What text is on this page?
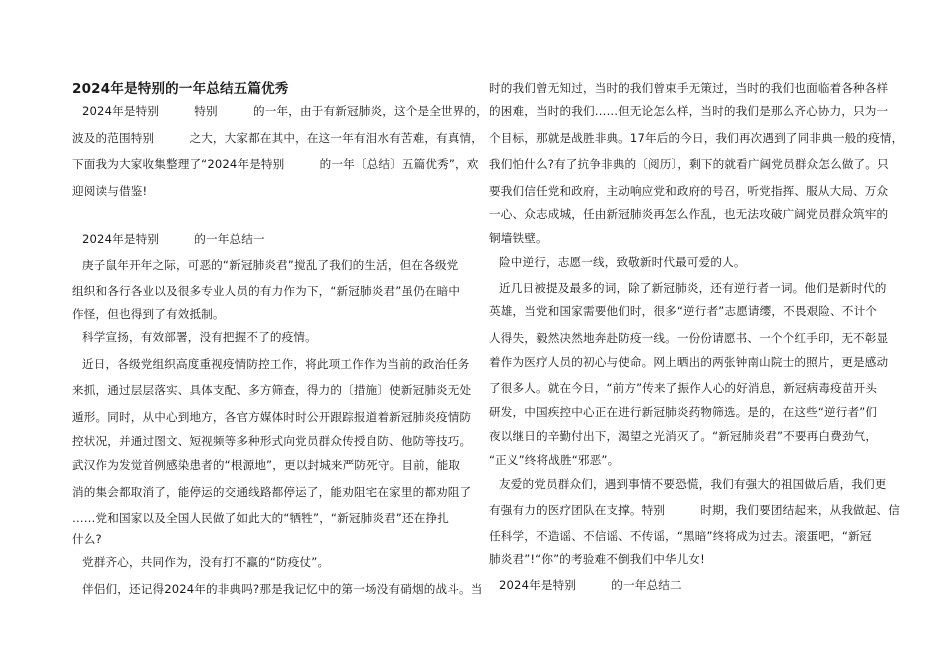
2024年是特别的一年总结五篇优秀
2024年是特别　　　特别　　　的一年，由于有新冠肺炎，这个是全世界的，
波及的范围特别　　　之大，大家都在其中，在这一年有泪水有苦难，有真情，
下面我为大家收集整理了“2024年是特别　　　的一年〔总结〕五篇优秀”，欢
迎阅读与借鉴!
2024年是特别　　　的一年总结一
庚子鼠年开年之际，可恶的“新冠肺炎君”搅乱了我们的生活，但在各级党
组织和各行各业以及很多专业人员的有力作为下，“新冠肺炎君”虽仍在暗中
作怪，但也得到了有效抵制。
科学宣扬，有效部署，没有把握不了的疫情。
近日，各级党组织高度重视疫情防控工作，将此项工作作为当前的政治任务
来抓，通过层层落实、具体支配、多方筛查，得力的〔措施〕使新冠肺炎无处
遁形。同时，从中心到地方，各官方媒体时时公开跟踪报道着新冠肺炎疫情防
控状况，并通过图文、短视频等多种形式向党员群众传授自防、他防等技巧。
武汉作为发觉首例感染患者的“根源地”，更以封城来严防死守。目前，能取
消的集会都取消了，能停运的交通线路都停运了，能劝阻宅在家里的都劝阻了
……党和国家以及全国人民做了如此大的“牺牲”，“新冠肺炎君”还在挣扎
什么?
党群齐心，共同作为，没有打不赢的“防疫仗”。
伴侣们，还记得2024年的非典吗?那是我记忆中的第一场没有硝烟的战斗。当
时的我们曾无知过，当时的我们曾束手无策过，当时的我们也面临着各种各样
的困难，当时的我们……但无论怎么样，当时的我们是那么齐心协力，只为一
个目标，那就是战胜非典。17年后的今日，我们再次遇到了同非典一般的疫情，
我们怕什么?有了抗争非典的〔阅历〕，剩下的就看广阔党员群众怎么做了。只
要我们信任党和政府，主动响应党和政府的号召，听党指挥、服从大局、万众
一心、众志成城，任由新冠肺炎再怎么作乱，也无法攻破广阔党员群众筑牢的
铜墙铁壁。
险中逆行，志愿一线，致敬新时代最可爱的人。
近几日被提及最多的词，除了新冠肺炎，还有逆行者一词。他们是新时代的
英雄，当党和国家需要他们时，很多“逆行者”志愿请缨，不畏艰险、不计个
人得失，毅然决然地奔赴防疫一线。一份份请愿书、一个个红手印，无不彰显
着作为医疗人员的初心与使命。网上晒出的两张钟南山院士的照片，更是感动
了很多人。就在今日，“前方”传来了振作人心的好消息，新冠病毒疫苗开头
研发，中国疾控中心正在进行新冠肺炎药物筛选。是的，在这些“逆行者”们
夜以继日的辛勤付出下，渴望之光消灭了。“新冠肺炎君”不要再白费劲气，
“正义”终将战胜“邪恶”。
友爱的党员群众们，遇到事情不要恐慌，我们有强大的祖国做后盾，我们更
有强有力的医疗团队在支撑。特别　　　时期，我们要团结起来，从我做起、信
任科学，不造谣、不信谣、不传谣，“黑暗”终将成为过去。滚蛋吧，“新冠
肺炎君”!“你”的考验难不倒我们中华儿女!
2024年是特别　　　的一年总结二
